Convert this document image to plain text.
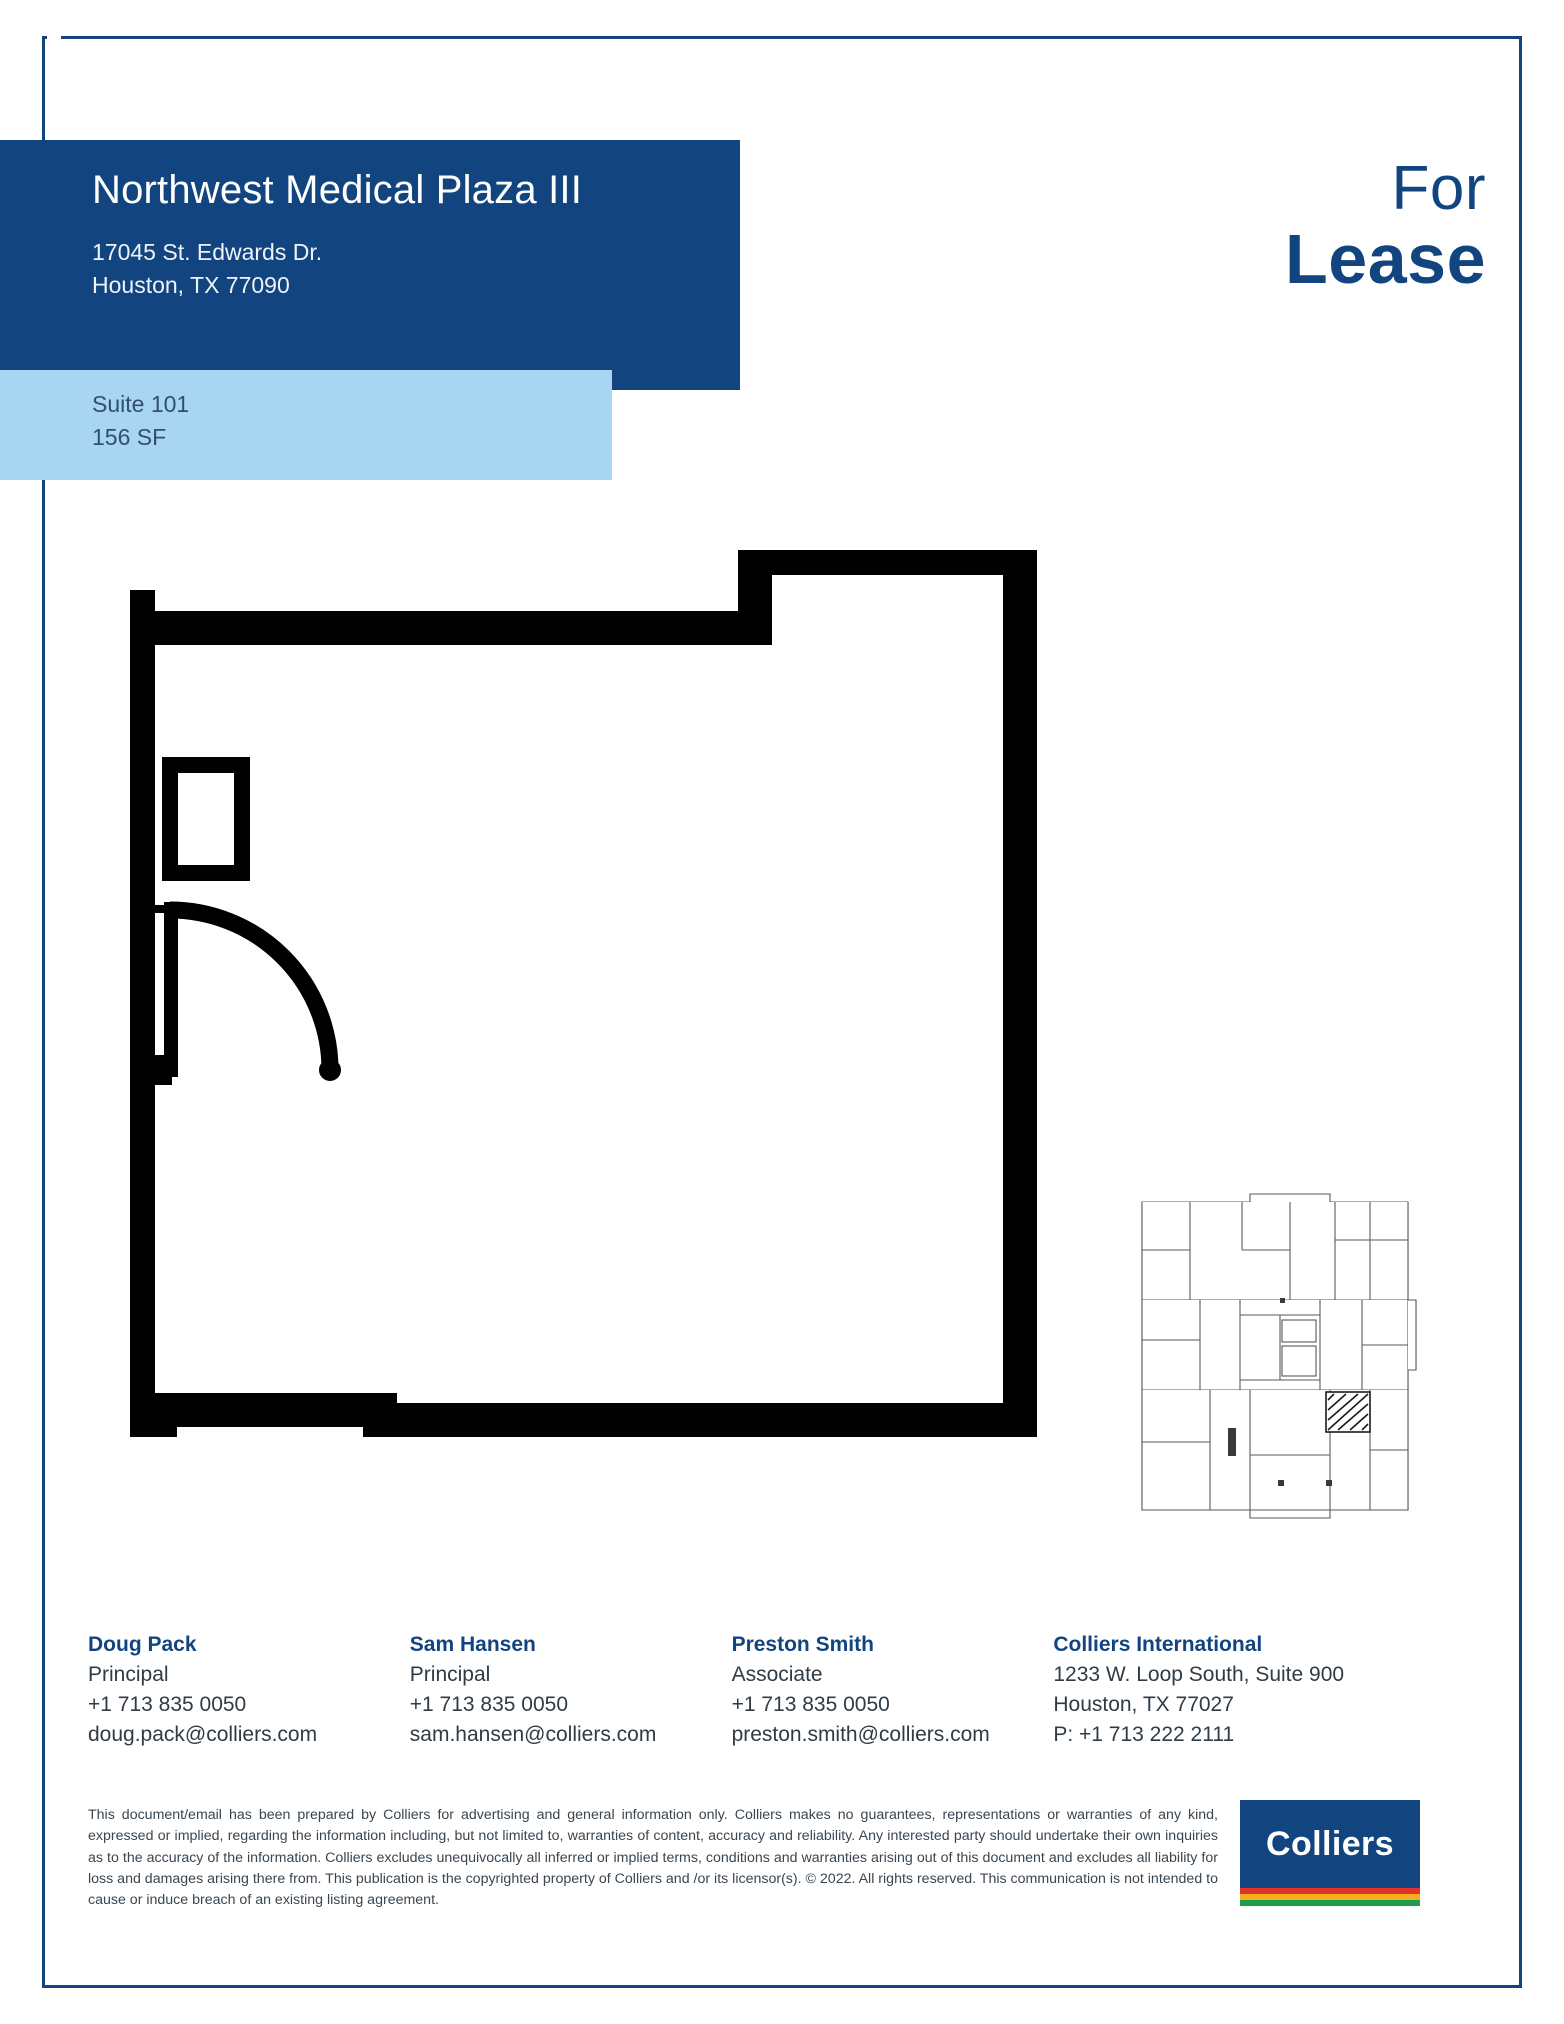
Northwest Medical Plaza III
17045 St. Edwards Dr.
Houston, TX 77090
Suite 101
156 SF
For
Lease
Doug Pack
Principal
+1 713 835 0050
doug.pack@colliers.com
Sam Hansen
Principal
+1 713 835 0050
sam.hansen@colliers.com
Preston Smith
Associate
+1 713 835 0050
preston.smith@colliers.com
Colliers International
1233 W. Loop South, Suite 900
Houston, TX 77027
P: +1 713 222 2111
This document/email has been prepared by Colliers for advertising and general information only. Colliers makes no guarantees, representations or warranties of any kind, expressed or implied, regarding the information including, but not limited to, warranties of content, accuracy and reliability. Any interested party should undertake their own inquiries as to the accuracy of the information. Colliers excludes unequivocally all inferred or implied terms, conditions and warranties arising out of this document and excludes all liability for loss and damages arising there from. This publication is the copyrighted property of Colliers and /or its licensor(s). © 2022. All rights reserved. This communication is not intended to cause or induce breach of an existing listing agreement.
Colliers
